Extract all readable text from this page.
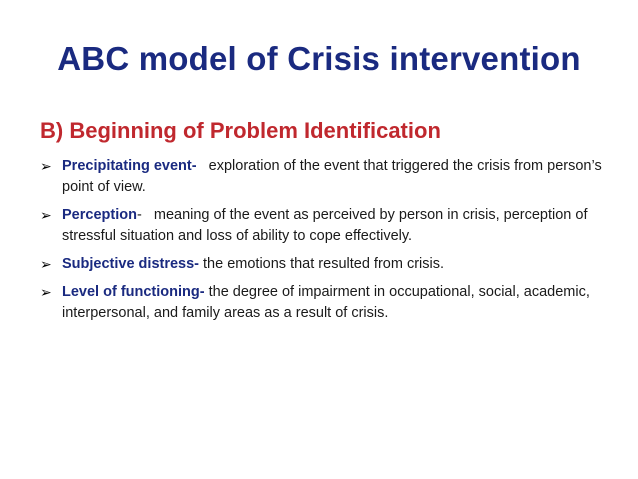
ABC model of Crisis intervention
B) Beginning of Problem Identification
➢ Precipitating event- exploration of the event that triggered the crisis from person’s point of view.
➢ Perception-   meaning of the event as perceived by person in crisis, perception of stressful situation and loss of ability to cope effectively.
➢ Subjective distress- the emotions that resulted from crisis.
➢ Level of functioning- the degree of impairment in occupational, social, academic, interpersonal, and family areas as a result of crisis.
